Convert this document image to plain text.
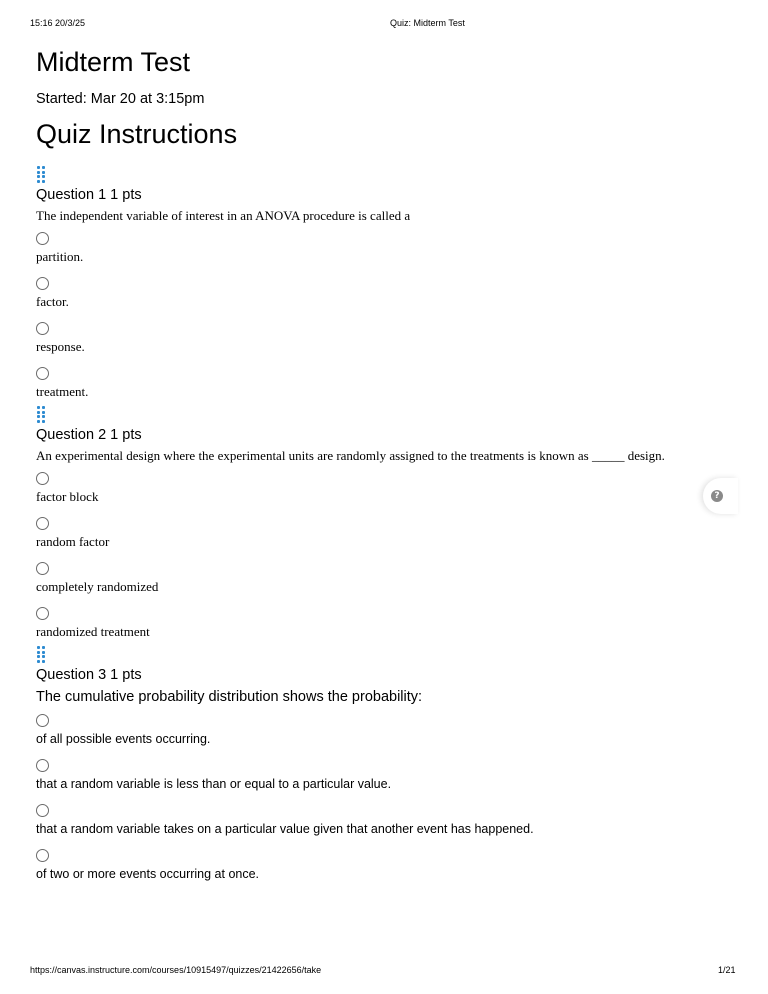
15:16 20/3/25	Quiz: Midterm Test
Midterm Test
Started: Mar 20 at 3:15pm
Quiz Instructions
Question 1 1 pts
The independent variable of interest in an ANOVA procedure is called a
partition.
factor.
response.
treatment.
Question 2 1 pts
An experimental design where the experimental units are randomly assigned to the treatments is known as _____ design.
factor block
random factor
completely randomized
randomized treatment
Question 3 1 pts
The cumulative probability distribution shows the probability:
of all possible events occurring.
that a random variable is less than or equal to a particular value.
that a random variable takes on a particular value given that another event has happened.
of two or more events occurring at once.
?
https://canvas.instructure.com/courses/10915497/quizzes/21422656/take	1/21
